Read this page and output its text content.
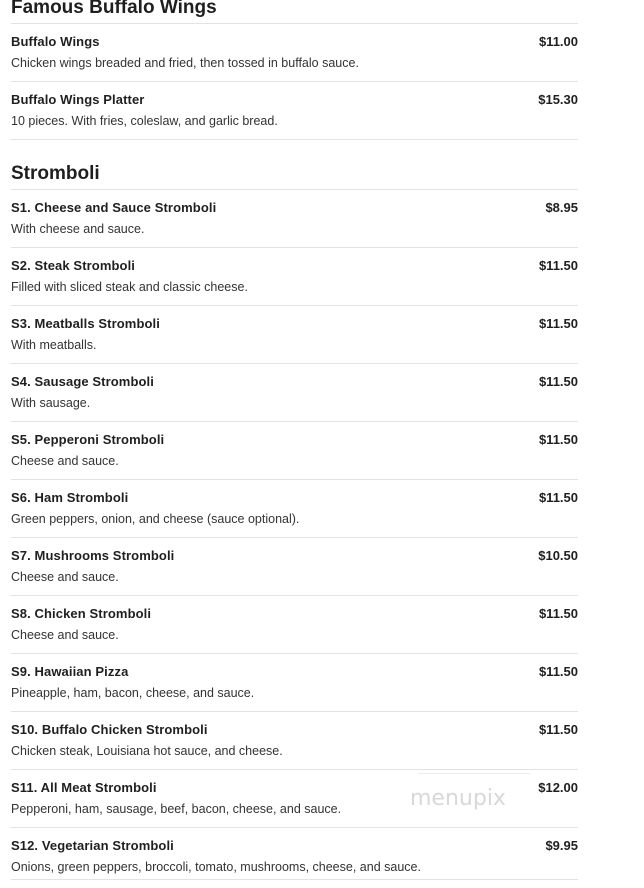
Famous Buffalo Wings
Buffalo Wings	$11.00
Chicken wings breaded and fried, then tossed in buffalo sauce.
Buffalo Wings Platter	$15.30
10 pieces. With fries, coleslaw, and garlic bread.
Stromboli
S1. Cheese and Sauce Stromboli	$8.95
With cheese and sauce.
S2. Steak Stromboli	$11.50
Filled with sliced steak and classic cheese.
S3. Meatballs Stromboli	$11.50
With meatballs.
S4. Sausage Stromboli	$11.50
With sausage.
S5. Pepperoni Stromboli	$11.50
Cheese and sauce.
S6. Ham Stromboli	$11.50
Green peppers, onion, and cheese (sauce optional).
S7. Mushrooms Stromboli	$10.50
Cheese and sauce.
S8. Chicken Stromboli	$11.50
Cheese and sauce.
S9. Hawaiian Pizza	$11.50
Pineapple, ham, bacon, cheese, and sauce.
S10. Buffalo Chicken Stromboli	$11.50
Chicken steak, Louisiana hot sauce, and cheese.
S11. All Meat Stromboli	$12.00
Pepperoni, ham, sausage, beef, bacon, cheese, and sauce.
S12. Vegetarian Stromboli	$9.95
Onions, green peppers, broccoli, tomato, mushrooms, cheese, and sauce.
menupix
